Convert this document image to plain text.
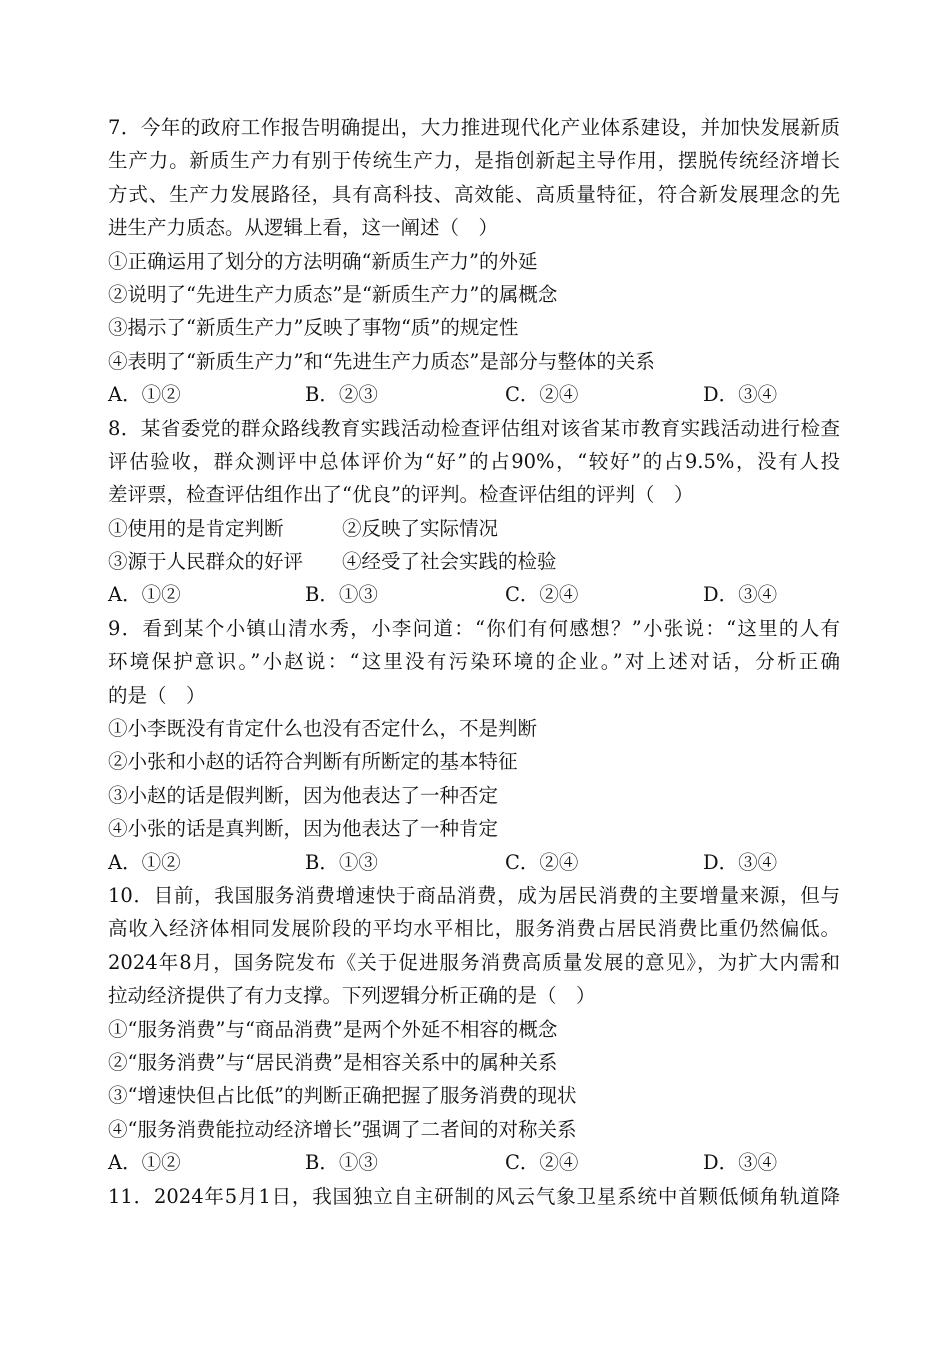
7．今年的政府工作报告明确提出，大力推进现代化产业体系建设，并加快发展新质
生产力。新质生产力有别于传统生产力，是指创新起主导作用，摆脱传统经济增长
方式、生产力发展路径，具有高科技、高效能、高质量特征，符合新发展理念的先
进生产力质态。从逻辑上看，这一阐述（　）
①正确运用了划分的方法明确“新质生产力”的外延
②说明了“先进生产力质态”是“新质生产力”的属概念
③揭示了“新质生产力”反映了事物“质”的规定性
④表明了“新质生产力”和“先进生产力质态”是部分与整体的关系
A．①②	B．②③	C．②④	D．③④
8．某省委党的群众路线教育实践活动检查评估组对该省某市教育实践活动进行检查
评估验收，群众测评中总体评价为“好”的占90%，“较好”的占9.5%，没有人投
差评票，检查评估组作出了“优良”的评判。检查评估组的评判（　）
①使用的是肯定判断	②反映了实际情况
③源于人民群众的好评 ④经受了社会实践的检验
A．①②	B．①③	C．②④	D．③④
9．看到某个小镇山清水秀，小李问道：“你们有何感想？”小张说：“这里的人有
环境保护意识。”小赵说：“这里没有污染环境的企业。”对上述对话，分析正确
的是（　）
①小李既没有肯定什么也没有否定什么，不是判断
②小张和小赵的话符合判断有所断定的基本特征
③小赵的话是假判断，因为他表达了一种否定
④小张的话是真判断，因为他表达了一种肯定
A．①②	B．①③	C．②④	D．③④
10．目前，我国服务消费增速快于商品消费，成为居民消费的主要增量来源，但与
高收入经济体相同发展阶段的平均水平相比，服务消费占居民消费比重仍然偏低。
2024年8月，国务院发布《关于促进服务消费高质量发展的意见》，为扩大内需和
拉动经济提供了有力支撑。下列逻辑分析正确的是（　）
①“服务消费”与“商品消费”是两个外延不相容的概念
②“服务消费”与“居民消费”是相容关系中的属种关系
③“增速快但占比低”的判断正确把握了服务消费的现状
④“服务消费能拉动经济增长”强调了二者间的对称关系
A．①②	B．①③	C．②④	D．③④
11．2024年5月1日，我国独立自主研制的风云气象卫星系统中首颗低倾角轨道降
